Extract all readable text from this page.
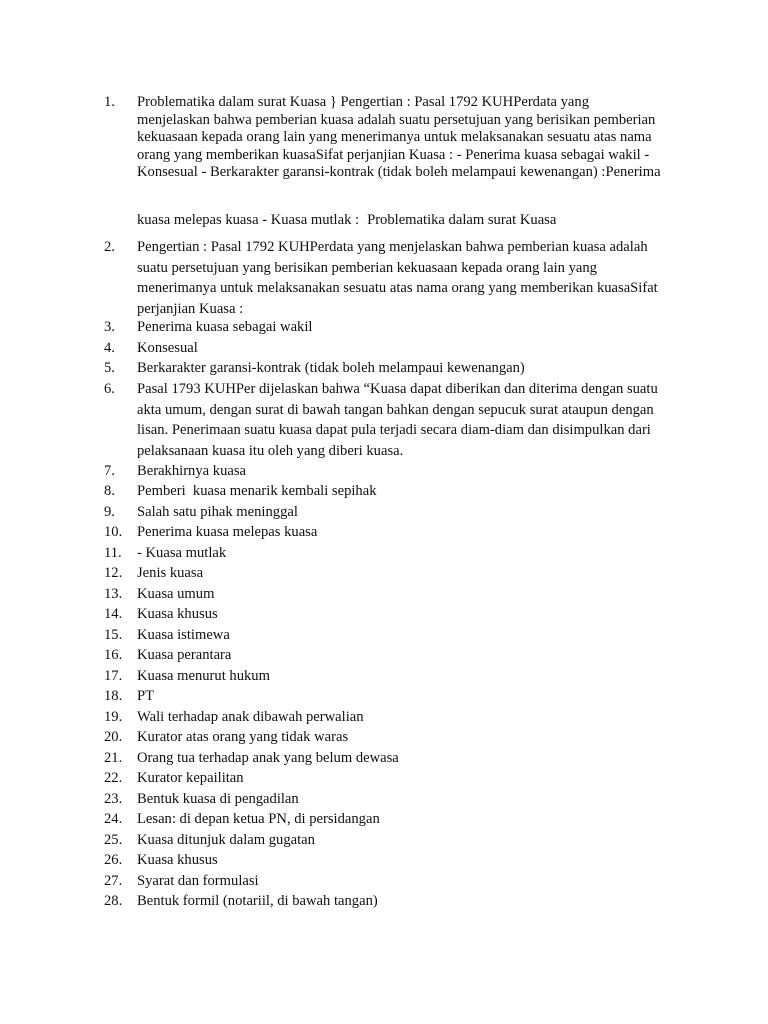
1.	Problematika dalam surat Kuasa } Pengertian : Pasal 1792 KUHPerdata yang
menjelaskan bahwa pemberian kuasa adalah suatu persetujuan yang berisikan pemberian
kekuasaan kepada orang lain yang menerimanya untuk melaksanakan sesuatu atas nama
orang yang memberikan kuasaSifat perjanjian Kuasa : - Penerima kuasa sebagai wakil -
Konsesual - Berkarakter garansi-kontrak (tidak boleh melampaui kewenangan) :Penerima
kuasa melepas kuasa - Kuasa mutlak : Problematika dalam surat Kuasa
2.	Pengertian : Pasal 1792 KUHPerdata yang menjelaskan bahwa pemberian kuasa adalah
suatu persetujuan yang berisikan pemberian kekuasaan kepada orang lain yang
menerimanya untuk melaksanakan sesuatu atas nama orang yang memberikan kuasaSifat
perjanjian Kuasa :
3.	Penerima kuasa sebagai wakil
4.	Konsesual
5.	Berkarakter garansi-kontrak (tidak boleh melampaui kewenangan)
6.	Pasal 1793 KUHPer dijelaskan bahwa “Kuasa dapat diberikan dan diterima dengan suatu
akta umum, dengan surat di bawah tangan bahkan dengan sepucuk surat ataupun dengan
lisan. Penerimaan suatu kuasa dapat pula terjadi secara diam-diam dan disimpulkan dari
pelaksanaan kuasa itu oleh yang diberi kuasa.
7.	Berakhirnya kuasa
8.	Pemberi  kuasa menarik kembali sepihak
9.	Salah satu pihak meninggal
10.	Penerima kuasa melepas kuasa
11.	- Kuasa mutlak
12.	Jenis kuasa
13.	Kuasa umum
14.	Kuasa khusus
15.	Kuasa istimewa
16.	Kuasa perantara
17.	Kuasa menurut hukum
18.	PT
19.	Wali terhadap anak dibawah perwalian
20.	Kurator atas orang yang tidak waras
21.	Orang tua terhadap anak yang belum dewasa
22.	Kurator kepailitan
23.	Bentuk kuasa di pengadilan
24.	Lesan: di depan ketua PN, di persidangan
25.	Kuasa ditunjuk dalam gugatan
26.	Kuasa khusus
27.	Syarat dan formulasi
28.	Bentuk formil (notariil, di bawah tangan)
